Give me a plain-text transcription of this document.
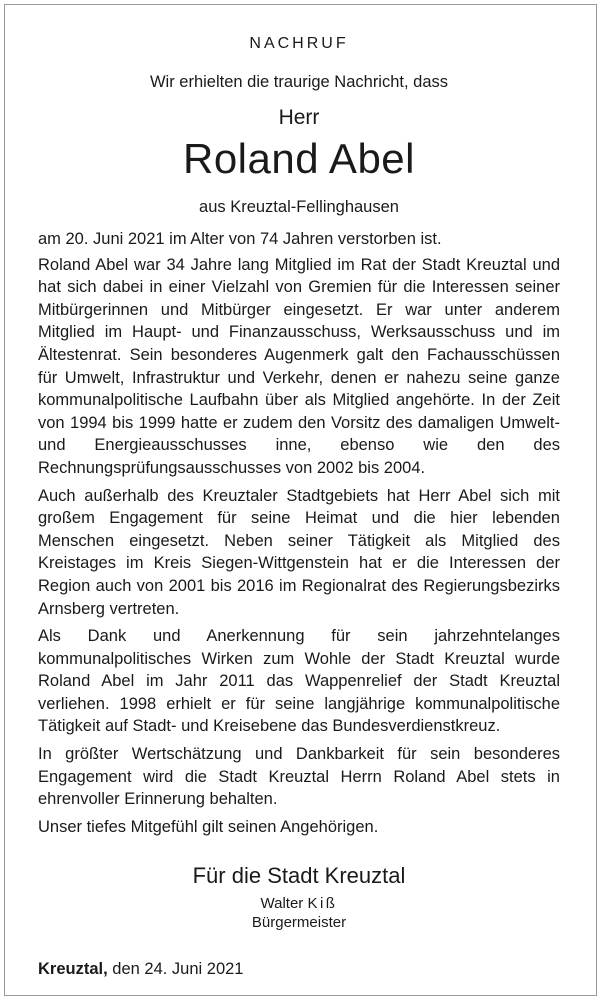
NACHRUF

Wir erhielten die traurige Nachricht, dass

Herr

Roland Abel

aus Kreuztal-Fellinghausen

am 20. Juni 2021 im Alter von 74 Jahren verstorben ist.

Roland Abel war 34 Jahre lang Mitglied im Rat der Stadt Kreuztal und hat sich dabei in einer Vielzahl von Gremien für die Interessen seiner Mitbürgerinnen und Mitbürger eingesetzt. Er war unter anderem Mitglied im Haupt- und Finanzausschuss, Werksausschuss und im Ältestenrat. Sein besonderes Augenmerk galt den Fachausschüssen für Umwelt, Infrastruktur und Verkehr, denen er nahezu seine ganze kommunalpolitische Laufbahn über als Mitglied angehörte. In der Zeit von 1994 bis 1999 hatte er zudem den Vorsitz des damaligen Umwelt- und Energieausschusses inne, ebenso wie den des Rechnungsprüfungsausschusses von 2002 bis 2004.

Auch außerhalb des Kreuztaler Stadtgebiets hat Herr Abel sich mit großem Engagement für seine Heimat und die hier lebenden Menschen eingesetzt. Neben seiner Tätigkeit als Mitglied des Kreistages im Kreis Siegen-Wittgenstein hat er die Interessen der Region auch von 2001 bis 2016 im Regionalrat des Regierungsbezirks Arnsberg vertreten.

Als Dank und Anerkennung für sein jahrzehntelanges kommunalpolitisches Wirken zum Wohle der Stadt Kreuztal wurde Roland Abel im Jahr 2011 das Wappenrelief der Stadt Kreuztal verliehen. 1998 erhielt er für seine langjährige kommunalpolitische Tätigkeit auf Stadt- und Kreisebene das Bundesverdienstkreuz.

In größter Wertschätzung und Dankbarkeit für sein besonderes Engagement wird die Stadt Kreuztal Herrn Roland Abel stets in ehrenvoller Erinnerung behalten.

Unser tiefes Mitgefühl gilt seinen Angehörigen.

Für die Stadt Kreuztal

Walter Kiß

Bürgermeister

Kreuztal, den 24. Juni 2021
